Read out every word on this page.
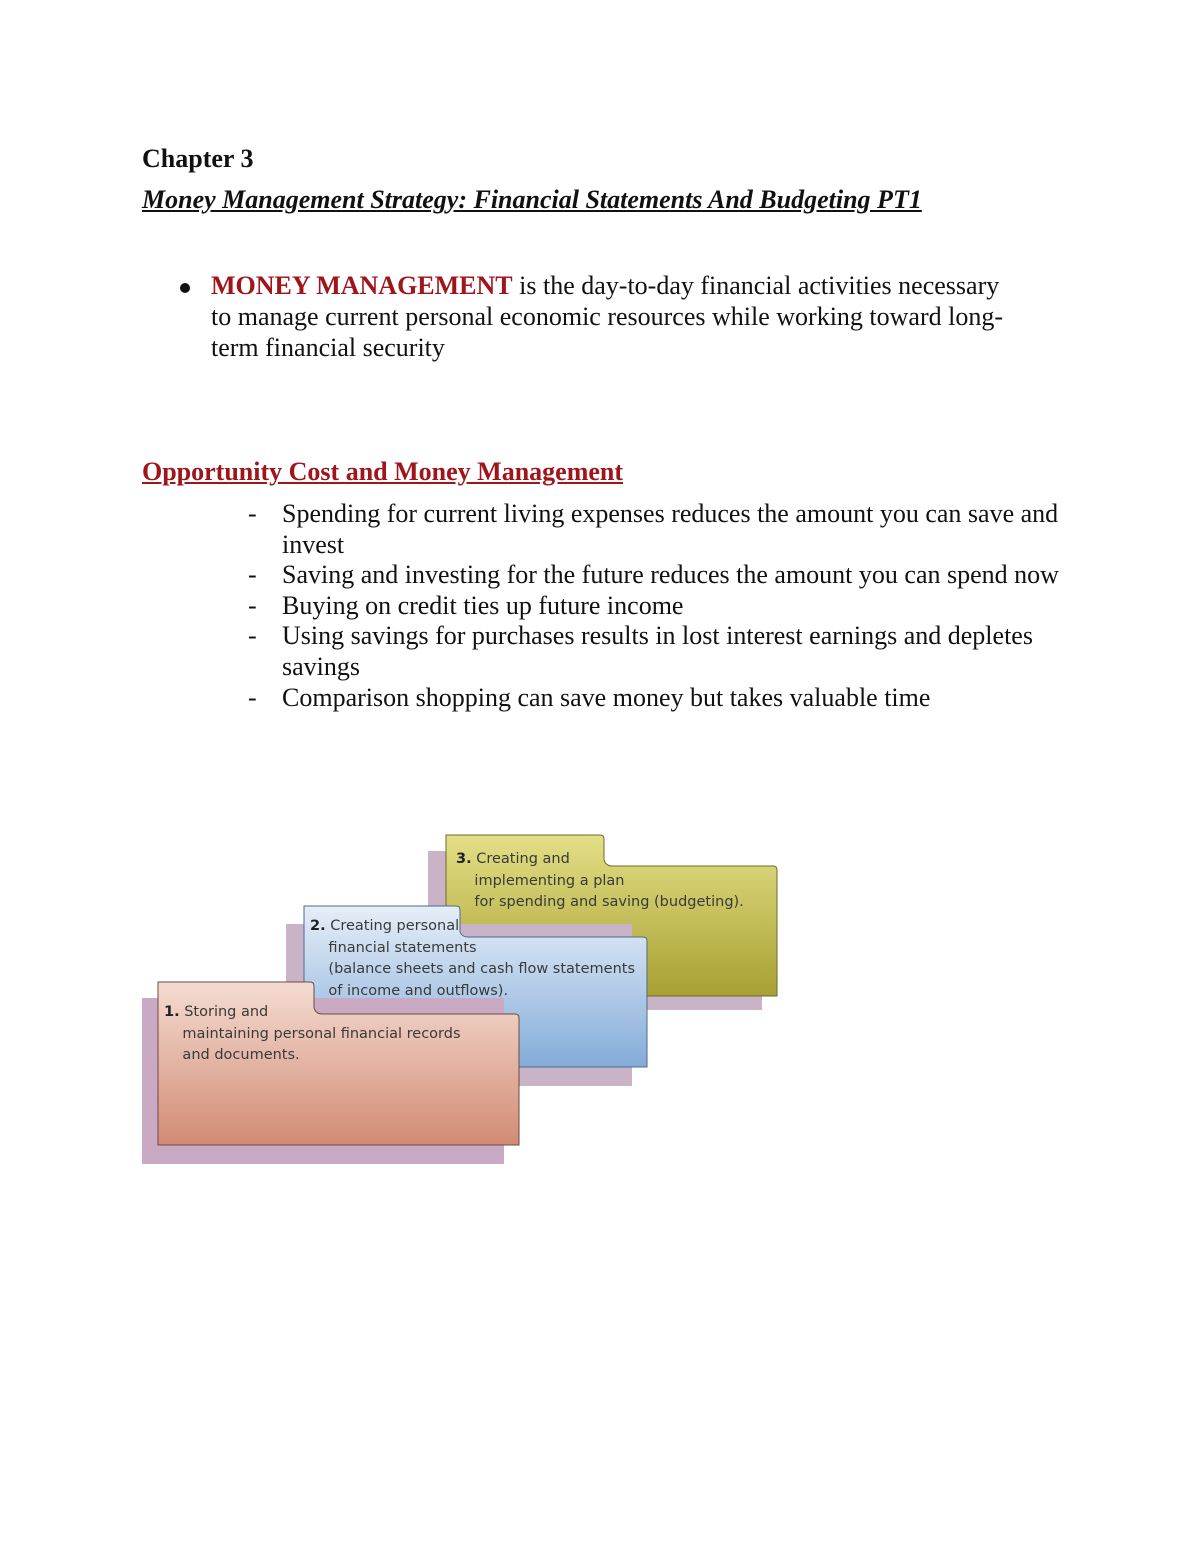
Chapter 3
Money Management Strategy: Financial Statements And Budgeting PT1
MONEY MANAGEMENT is the day-to-day financial activities necessary to manage current personal economic resources while working toward long-term financial security
Opportunity Cost and Money Management
- Spending for current living expenses reduces the amount you can save and invest
- Saving and investing for the future reduces the amount you can spend now
- Buying on credit ties up future income
- Using savings for purchases results in lost interest earnings and depletes savings
- Comparison shopping can save money but takes valuable time
3. Creating and
implementing a plan
for spending and saving (budgeting).
2. Creating personal
financial statements
(balance sheets and cash flow statements
of income and outflows).
1. Storing and
maintaining personal financial records
and documents.
